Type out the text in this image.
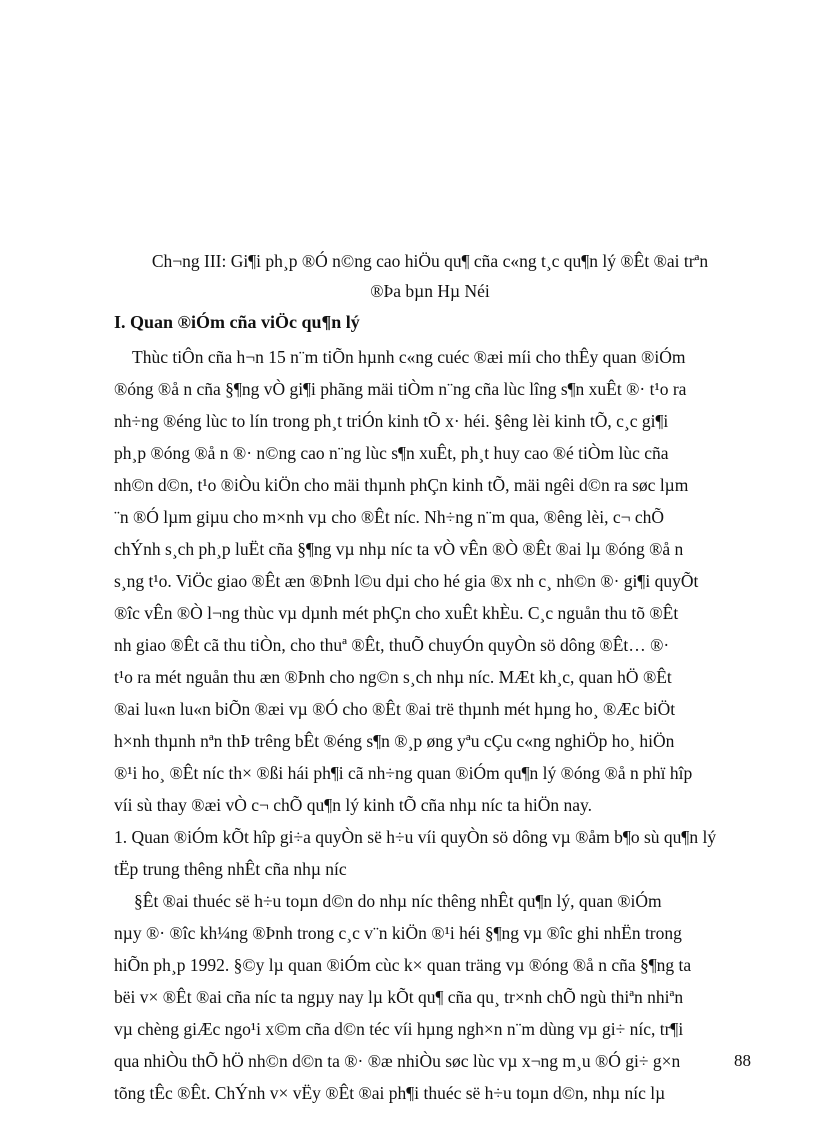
Ch¬ng III: Gi¶i ph¸p ®Ó n©ng cao hiÖu qu¶ cña c«ng t¸c qu¶n lý ®Êt ®ai trªn
®Þa bµn Hµ Néi
I. Quan ®iÓm cña viÖc qu¶n lý
Thùc tiÔn cña h¬n 15 n¨m tiÕn hµnh c«ng cuéc ®æi míi cho thÊy quan ®iÓm
®óng ®å n cña §¶ng vÒ gi¶i phãng mäi tiÒm n¨ng cña lùc lîng s¶n xuÊt ®· t¹o ra
nh÷ng ®éng lùc to lín trong ph¸t triÓn kinh tÕ x· héi. §êng lèi kinh tÕ, c¸c gi¶i
ph¸p ®óng ®å n ®· n©ng cao n¨ng lùc s¶n xuÊt, ph¸t huy cao ®é tiÒm lùc cña
nh©n d©n, t¹o ®iÒu kiÖn cho mäi thµnh phÇn kinh tÕ, mäi ngêi d©n ra søc lµm
¨n ®Ó lµm giµu cho m×nh vµ cho ®Êt níc. Nh÷ng n¨m qua, ®êng lèi, c¬ chÕ
chÝnh s¸ch ph¸p luËt cña §¶ng vµ nhµ níc ta vÒ vÊn ®Ò ®Êt ®ai lµ ®óng ®å n
s¸ng t¹o. ViÖc giao ®Êt æn ®Þnh l©u dµi cho hé gia ®x nh c¸ nh©n ®· gi¶i quyÕt
®îc vÊn ®Ò l¬ng thùc vµ dµnh mét phÇn cho xuÊt khÈu. C¸c nguån thu tõ ®Êt
nh giao ®Êt cã thu tiÒn, cho thuª ®Êt, thuÕ chuyÓn quyÒn sö dông ®Êt… ®·
t¹o ra mét nguån thu æn ®Þnh cho ng©n s¸ch nhµ níc. MÆt kh¸c, quan hÖ ®Êt
®ai lu«n lu«n biÕn ®æi vµ ®Ó cho ®Êt ®ai trë thµnh mét hµng ho¸ ®Æc biÖt
h×nh thµnh nªn thÞ trêng bÊt ®éng s¶n ®¸p øng yªu cÇu c«ng nghiÖp ho¸ hiÖn
®¹i ho¸ ®Êt níc th× ®ßi hái ph¶i cã nh÷ng quan ®iÓm qu¶n lý ®óng ®å n phï hîp
víi sù thay ®æi vÒ c¬ chÕ qu¶n lý kinh tÕ cña nhµ níc ta hiÖn nay.
1. Quan ®iÓm kÕt hîp gi÷a quyÒn së h÷u víi quyÒn sö dông vµ ®åm b¶o sù qu¶n lý
tËp trung thêng nhÊt cña nhµ níc
§Êt ®ai thuéc së h÷u toµn d©n do nhµ níc thêng nhÊt qu¶n lý, quan ®iÓm
nµy ®· ®îc kh¼ng ®Þnh trong c¸c v¨n kiÖn ®¹i héi §¶ng vµ ®îc ghi nhËn trong
hiÕn ph¸p 1992. §©y lµ quan ®iÓm cùc k× quan träng vµ ®óng ®å n cña §¶ng ta
bëi v× ®Êt ®ai cña níc ta ngµy nay lµ kÕt qu¶ cña qu¸ tr×nh chÕ ngù thiªn nhiªn
vµ chèng giÆc ngo¹i x©m cña d©n téc víi hµng ngh×n n¨m dùng vµ gi÷ níc, tr¶i
qua nhiÒu thÕ hÖ nh©n d©n ta ®· ®æ nhiÒu søc lùc vµ x¬ng m¸u ®Ó gi÷ g×n
tõng tÊc ®Êt. ChÝnh v× vËy ®Êt ®ai ph¶i thuéc së h÷u toµn d©n, nhµ níc lµ
88
